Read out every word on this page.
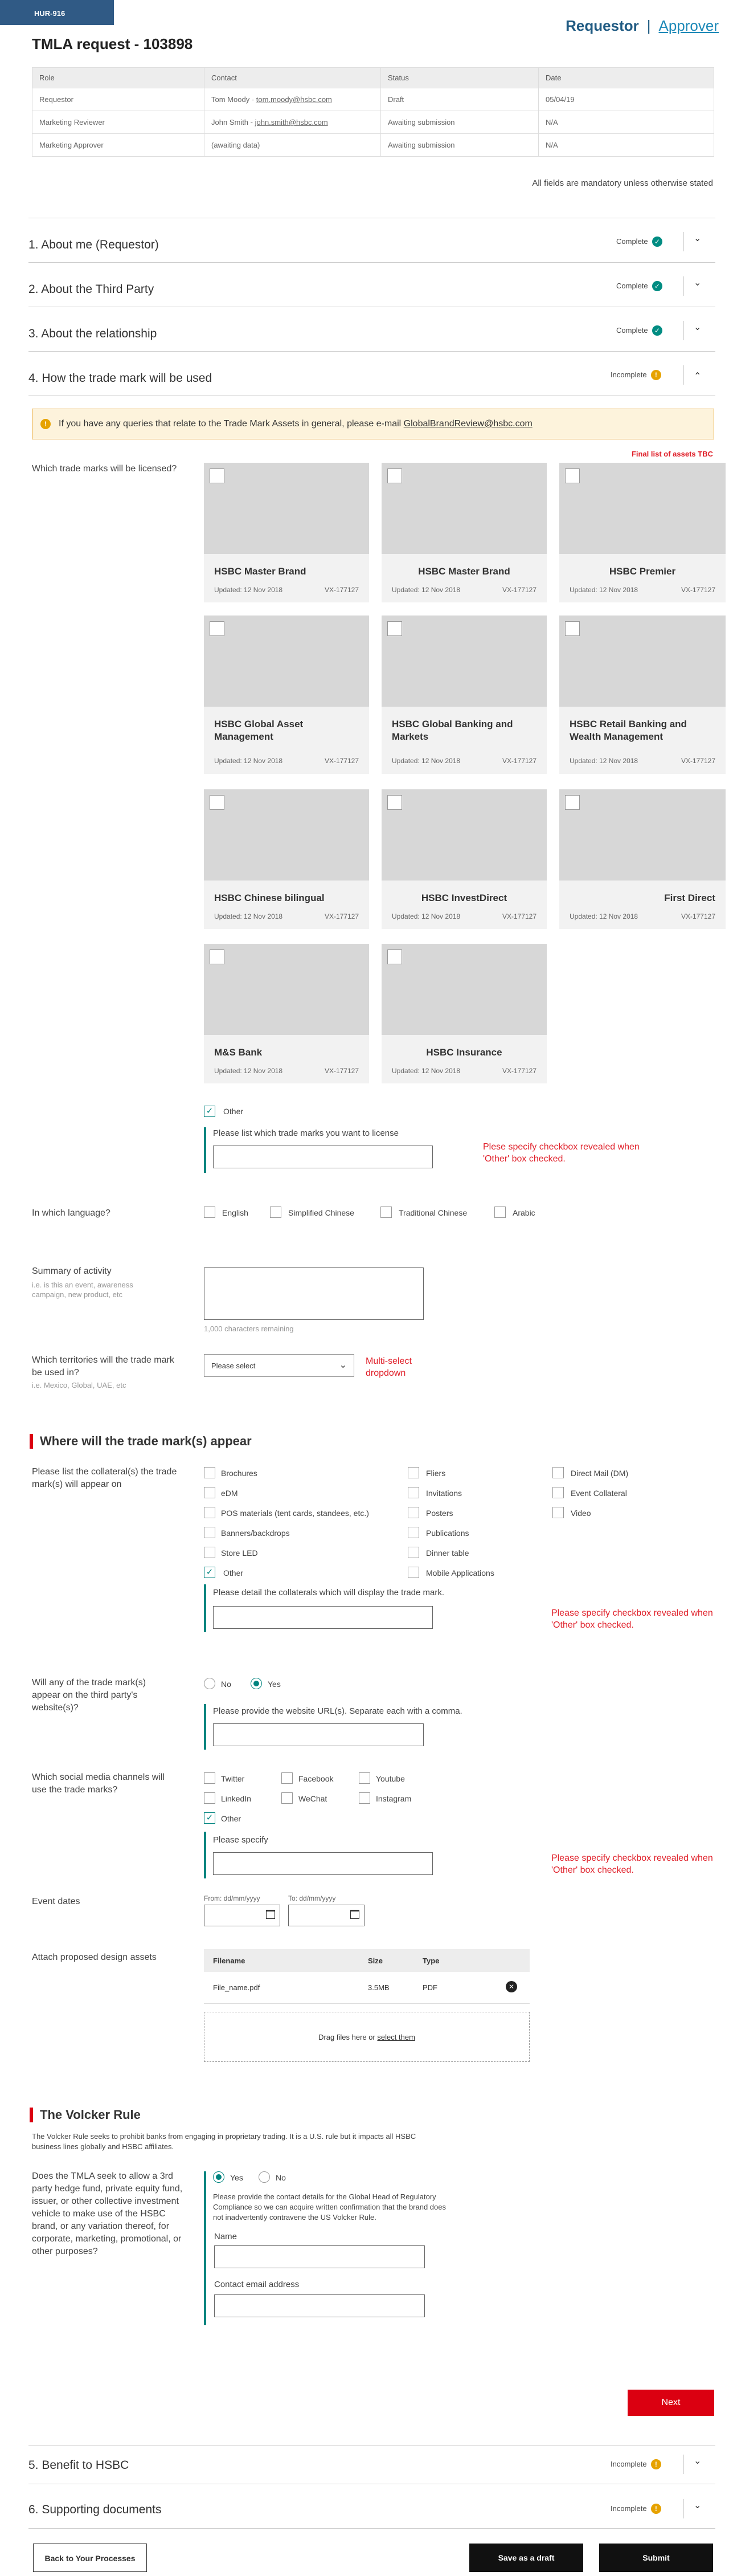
HUR-916
Requestor | Approver
TMLA request - 103898
Role	Contact	Status	Date
Requestor	Tom Moody - tom.moody@hsbc.com	Draft	05/04/19
Marketing Reviewer	John Smith - john.smith@hsbc.com	Awaiting submission	N/A
Marketing Approver	(awaiting data)	Awaiting submission	N/A
All fields are mandatory unless otherwise stated
1. About me (Requestor)	Complete ✓	⌄
2. About the Third Party	Complete ✓	⌄
3. About the relationship	Complete ✓	⌄
4. How the trade mark will be used	Incomplete !	⌃
!	If you have any queries that relate to the Trade Mark Assets in general, please e-mail GlobalBrandReview@hsbc.com
Final list of assets TBC
Which trade marks will be licensed?
HSBC Master Brand
Updated: 12 Nov 2018	VX-177127
HSBC Master Brand
Updated: 12 Nov 2018	VX-177127
HSBC Premier
Updated: 12 Nov 2018	VX-177127
HSBC Global Asset Management
Updated: 12 Nov 2018	VX-177127
HSBC Global Banking and Markets
Updated: 12 Nov 2018	VX-177127
HSBC Retail Banking and Wealth Management
Updated: 12 Nov 2018	VX-177127
HSBC Chinese bilingual
Updated: 12 Nov 2018	VX-177127
HSBC InvestDirect
Updated: 12 Nov 2018	VX-177127
First Direct
Updated: 12 Nov 2018	VX-177127
M&S Bank
Updated: 12 Nov 2018	VX-177127
HSBC Insurance
Updated: 12 Nov 2018	VX-177127
✓ Other
Please list which trade marks you want to license
Plese specify checkbox revealed when 'Other' box checked.
In which language?	English	Simplified Chinese	Traditional Chinese	Arabic
Summary of activity
i.e. is this an event, awareness campaign, new product, etc
1,000 characters remaining
Which territories will the trade mark be used in?
i.e. Mexico, Global, UAE, etc
Please select	⌄ Multi-select dropdown
Where will the trade mark(s) appear
Please list the collateral(s) the trade mark(s) will appear on
Brochures
eDM
POS materials (tent cards, standees, etc.)
Banners/backdrops
Store LED
✓ Other
Fliers
Invitations
Posters
Publications
Dinner table
Mobile Applications
Direct Mail (DM)
Event Collateral
Video
Please detail the collaterals which will display the trade mark.
Please specify checkbox revealed when 'Other' box checked.
Will any of the trade mark(s) appear on the third party's website(s)?
No	Yes
Please provide the website URL(s). Separate each with a comma.
Which social media channels will use the trade marks?
Twitter	Facebook	Youtube
LinkedIn	WeChat	Instagram
✓ Other
Please specify
Please specify checkbox revealed when 'Other' box checked.
Event dates	From: dd/mm/yyyy	To: dd/mm/yyyy
Attach proposed design assets	Filename	Size	Type
File_name.pdf	3.5MB	PDF	✕
Drag files here or select them
The Volcker Rule
The Volcker Rule seeks to prohibit banks from engaging in proprietary trading. It is a U.S. rule but it impacts all HSBC business lines globally and HSBC affiliates.
Does the TMLA seek to allow a 3rd party hedge fund, private equity fund, issuer, or other collective investment vehicle to make use of the HSBC brand, or any variation thereof, for corporate, marketing, promotional, or other purposes?
Yes	No
Please provide the contact details for the Global Head of Regulatory Compliance so we can acquire written confirmation that the brand does not inadvertently contravene the US Volcker Rule.
Name
Contact email address
Next
5. Benefit to HSBC	Incomplete !	⌄
6. Supporting documents	Incomplete !	⌄
Back to Your Processes	Save as a draft	Submit
